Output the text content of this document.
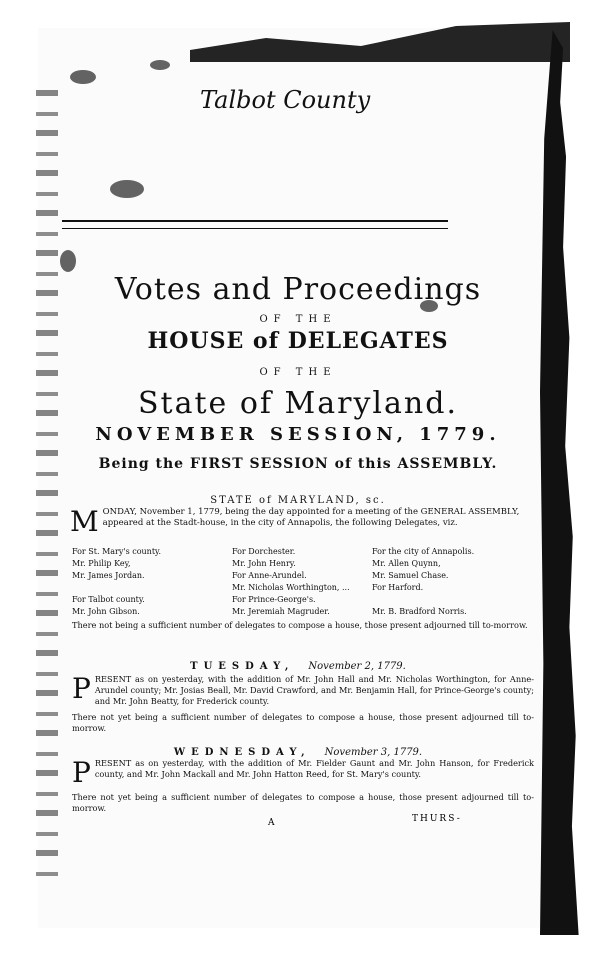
Talbot County
Votes and Proceedings
OF THE
HOUSE of DELEGATES
OF THE
State of Maryland.
NOVEMBER SESSION, 1779.
Being the FIRST SESSION of this ASSEMBLY.
STATE of MARYLAND, sc.
M ONDAY, November 1, 1779, being the day appointed for a meeting of the GENERAL ASSEMBLY, appeared at the Stadt-house, in the city of Annapolis, the following Delegates, viz.
For St. Mary's county.
Mr. Philip Key,
Mr. James Jordan.
For Talbot county.
Mr. John Gibson.
For Dorchester.
Mr. John Henry.
For Anne-Arundel.
Mr. Nicholas Worthington, ...
For Prince-George's.
Mr. Jeremiah Magruder.
For the city of Annapolis.
Mr. Allen Quynn,
Mr. Samuel Chase.
For Harford.
Mr. B. Bradford Norris.
There not being a sufficient number of delegates to compose a house, those present adjourned till to-morrow.
TUESDAY, November 2, 1779.
P RESENT as on yesterday, with the addition of Mr. John Hall and Mr. Nicholas Worthington, for Anne-Arundel county; Mr. Josias Beall, Mr. David Crawford, and Mr. Benjamin Hall, for Prince-George's county; and Mr. John Beatty, for Frederick county.
There not yet being a sufficient number of delegates to compose a house, those present adjourned till to-morrow.
WEDNESDAY, November 3, 1779.
P RESENT as on yesterday, with the addition of Mr. Fielder Gaunt and Mr. John Hanson, for Frederick county, and Mr. John Mackall and Mr. John Hatton Reed, for St. Mary's county.
There not yet being a sufficient number of delegates to compose a house, those present adjourned till to-morrow.
A	THURS-
